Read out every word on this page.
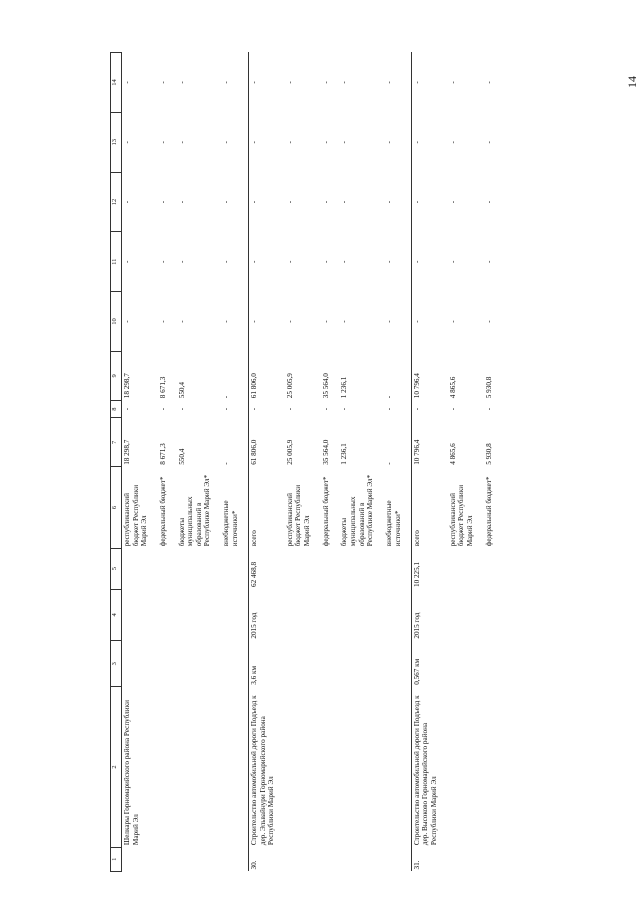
14
1	2	3	4	5	6	7	8	9	10	11	12	13	14
	Шелкары Горномарийского района Республики Марий Эл				республиканский бюджет Республики Марий Эл	18 298,7	-	18 298,7	-	-	-	-	-

					федеральный бюджет*	8 671,3	-	8 671,3	-	-	-	-	-

					бюджеты муниципальных образований в Республике Марий Эл*	550,4	-	550,4	-	-	-	-	-

					внебюджетные источники*	-	-	-	-	-	-	-	-

30.	Строительство автомобильной дороги Подъезд к дер. Эльвайнури Горномарийского района Республики Марий Эл	3,6 км	2015 год	62 468,8	всего	61 806,0	-	61 806,0	-	-	-	-	-

					республиканский бюджет Республики Марий Эл	25 005,9	-	25 005,9	-	-	-	-	-

					федеральный бюджет*	35 564,0	-	35 564,0	-	-	-	-	-

					бюджеты муниципальных образований в Республике Марий Эл*	1 236,1	-	1 236,1	-	-	-	-	-

					внебюджетные источники*	-	-	-	-	-	-	-	-

31.	Строительство автомобильной дороги Подъезд к дер. Высоково Горномарийского района Республики Марий Эл	0,567 км	2015 год	10 225,1	всего	10 796,4	-	10 796,4	-	-	-	-	-

					республиканский бюджет Республики Марий Эл	4 865,6	-	4 865,6	-	-	-	-	-

					федеральный бюджет*	5 930,8	-	5 930,8	-	-	-	-	-
